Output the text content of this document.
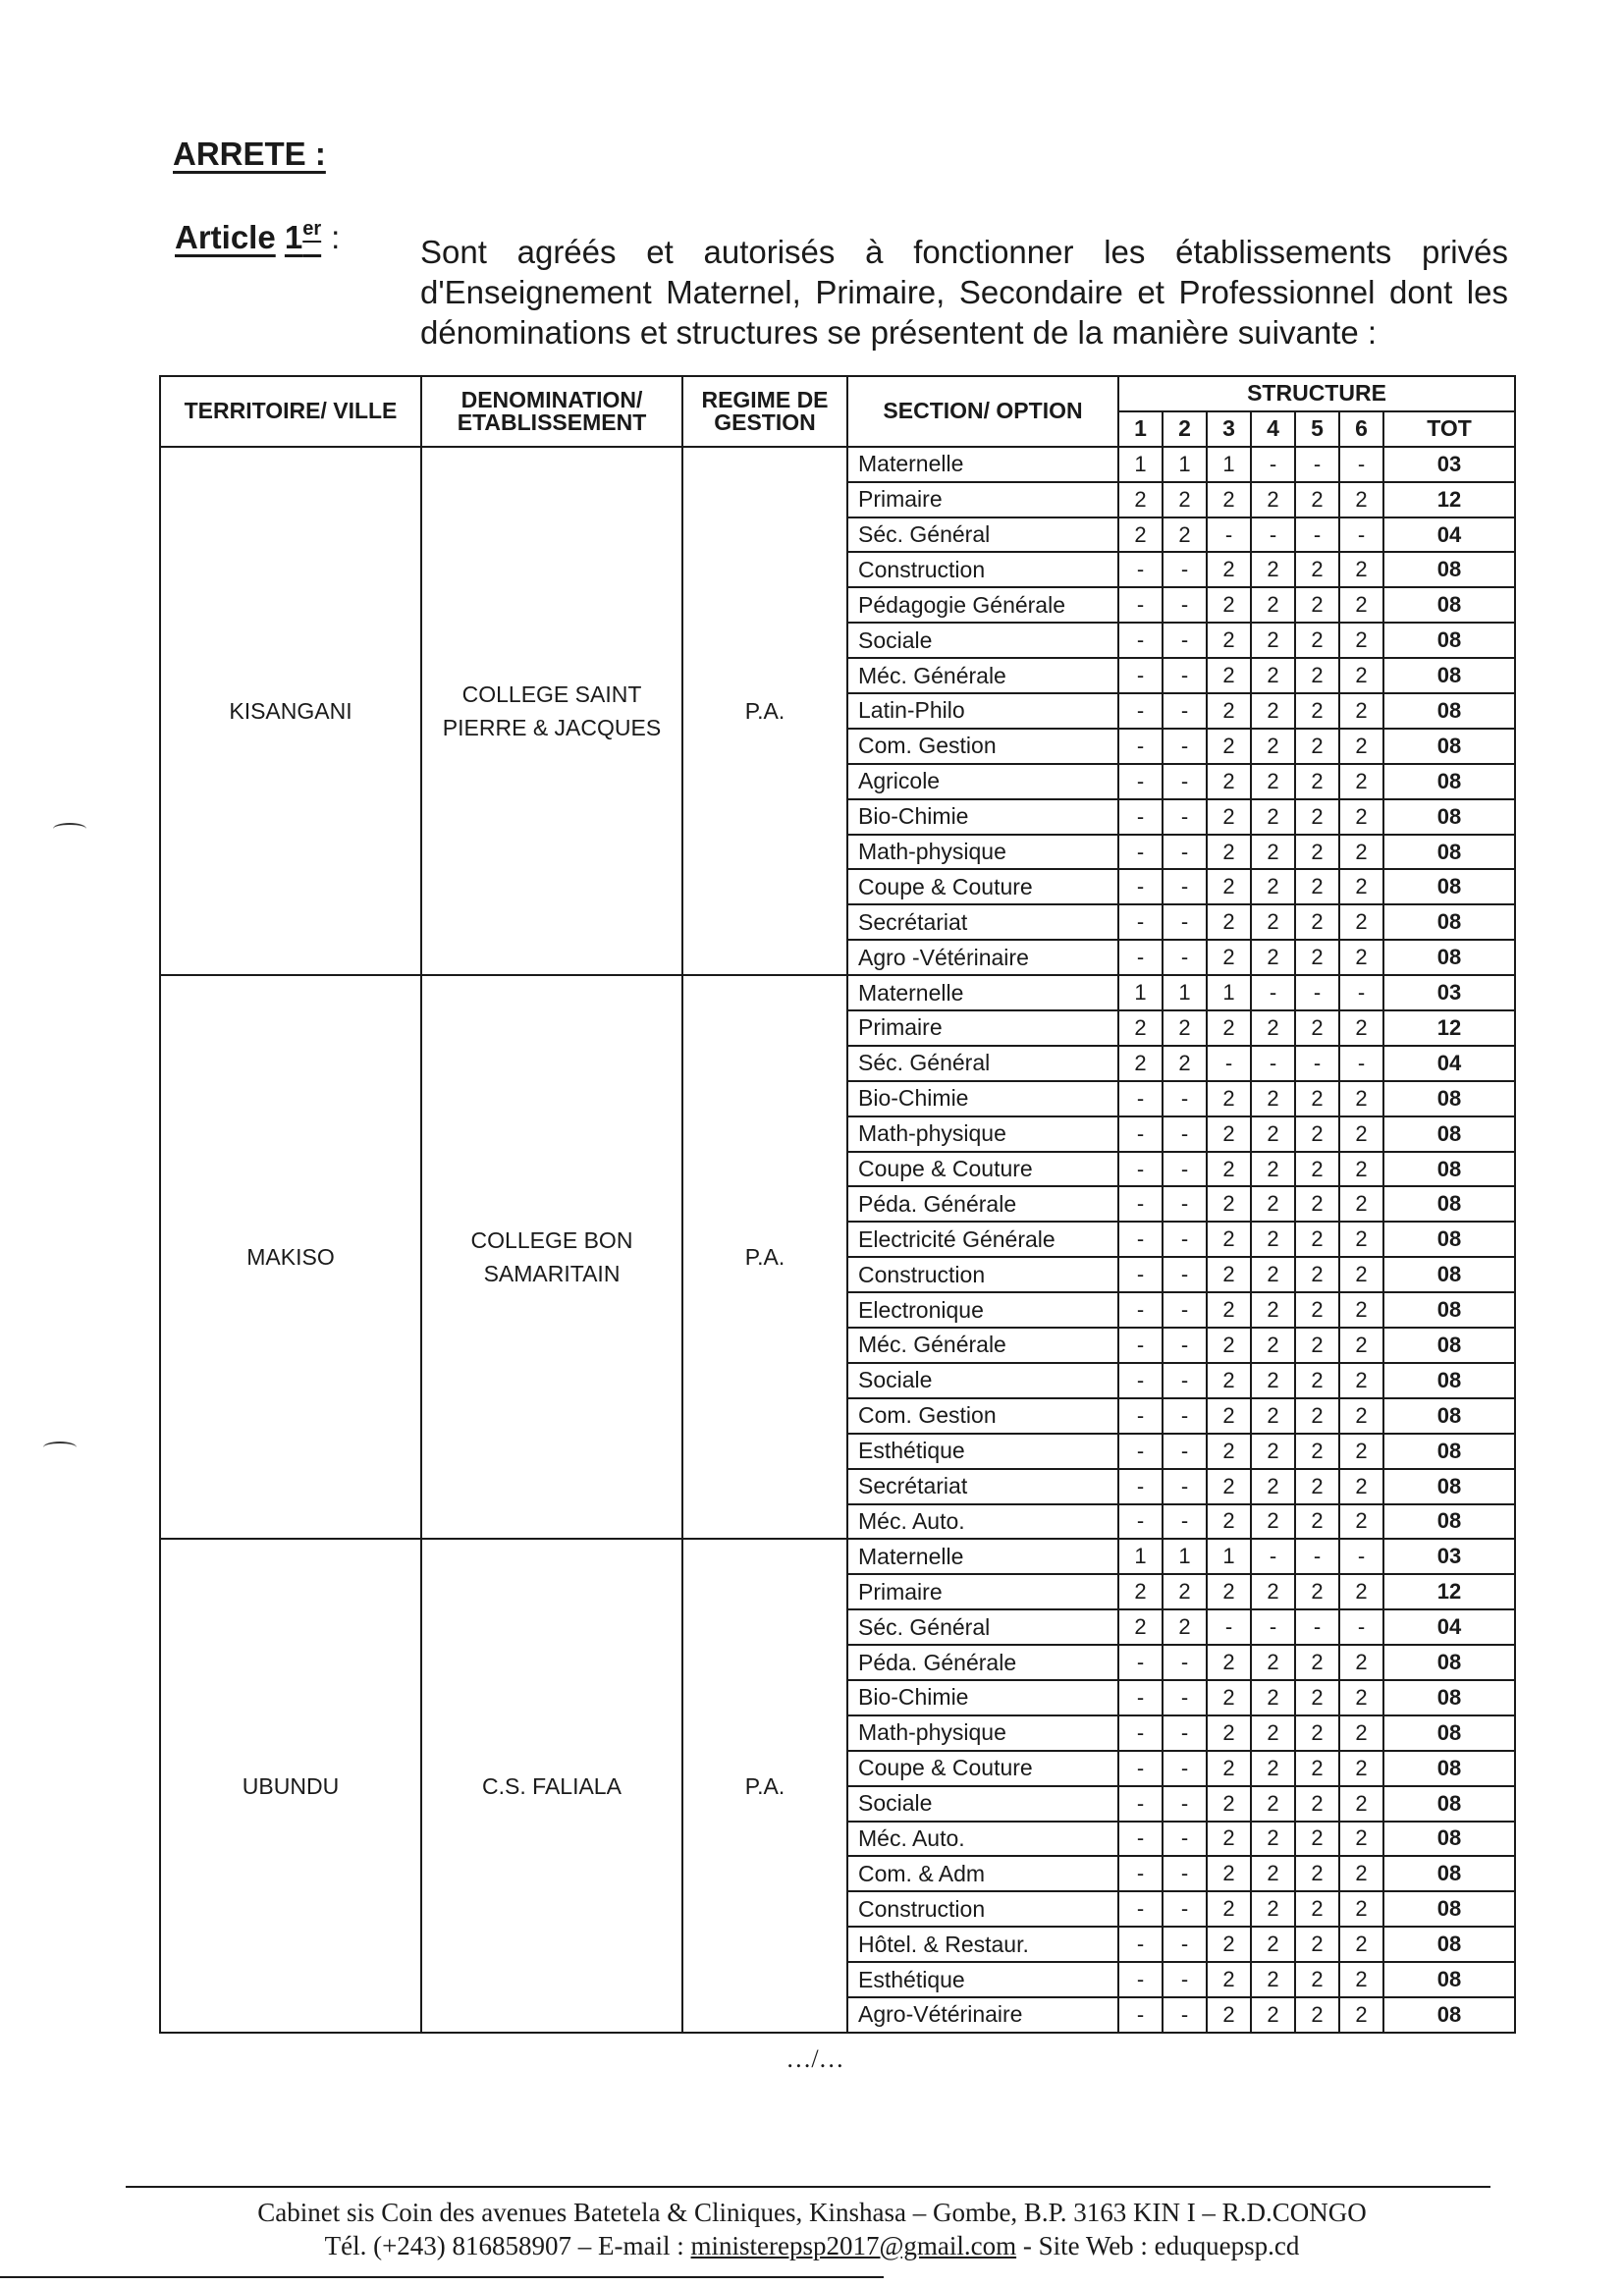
ARRETE :
Article 1er : Sont agréés et autorisés à fonctionner les établissements privés d'Enseignement Maternel, Primaire, Secondaire et Professionnel dont les dénominations et structures se présentent de la manière suivante :

TERRITOIRE/ VILLE	DENOMINATION/ ETABLISSEMENT	REGIME DE GESTION	SECTION/ OPTION	STRUCTURE						
				1	2	3	4	5	6	TOT
KISANGANI	COLLEGE SAINT PIERRE & JACQUES	P.A.	Maternelle	1	1	1	-	-	-	03
			Primaire	2	2	2	2	2	2	12
			Séc. Général	2	2	-	-	-	-	04
			Construction	-	-	2	2	2	2	08
			Pédagogie Générale	-	-	2	2	2	2	08
			Sociale	-	-	2	2	2	2	08
			Méc. Générale	-	-	2	2	2	2	08
			Latin-Philo	-	-	2	2	2	2	08
			Com. Gestion	-	-	2	2	2	2	08
			Agricole	-	-	2	2	2	2	08
			Bio-Chimie	-	-	2	2	2	2	08
			Math-physique	-	-	2	2	2	2	08
			Coupe & Couture	-	-	2	2	2	2	08
			Secrétariat	-	-	2	2	2	2	08
			Agro -Vétérinaire	-	-	2	2	2	2	08
MAKISO	COLLEGE BON SAMARITAIN	P.A.	Maternelle	1	1	1	-	-	-	03
			Primaire	2	2	2	2	2	2	12
			Séc. Général	2	2	-	-	-	-	04
			Bio-Chimie	-	-	2	2	2	2	08
			Math-physique	-	-	2	2	2	2	08
			Coupe & Couture	-	-	2	2	2	2	08
			Péda. Générale	-	-	2	2	2	2	08
			Electricité Générale	-	-	2	2	2	2	08
			Construction	-	-	2	2	2	2	08
			Electronique	-	-	2	2	2	2	08
			Méc. Générale	-	-	2	2	2	2	08
			Sociale	-	-	2	2	2	2	08
			Com. Gestion	-	-	2	2	2	2	08
			Esthétique	-	-	2	2	2	2	08
			Secrétariat	-	-	2	2	2	2	08
			Méc. Auto.	-	-	2	2	2	2	08
UBUNDU	C.S. FALIALA	P.A.	Maternelle	1	1	1	-	-	-	03
			Primaire	2	2	2	2	2	2	12
			Séc. Général	2	2	-	-	-	-	04
			Péda. Générale	-	-	2	2	2	2	08
			Bio-Chimie	-	-	2	2	2	2	08
			Math-physique	-	-	2	2	2	2	08
			Coupe & Couture	-	-	2	2	2	2	08
			Sociale	-	-	2	2	2	2	08
			Méc. Auto.	-	-	2	2	2	2	08
			Com. & Adm	-	-	2	2	2	2	08
			Construction	-	-	2	2	2	2	08
			Hôtel. & Restaur.	-	-	2	2	2	2	08
			Esthétique	-	-	2	2	2	2	08
			Agro-Vétérinaire	-	-	2	2	2	2	08
…/…
Cabinet sis Coin des avenues Batetela & Cliniques, Kinshasa – Gombe, B.P. 3163 KIN I – R.D.CONGO
Tél. (+243) 816858907 – E-mail : ministerepsp2017@gmail.com - Site Web : eduquepsp.cd
